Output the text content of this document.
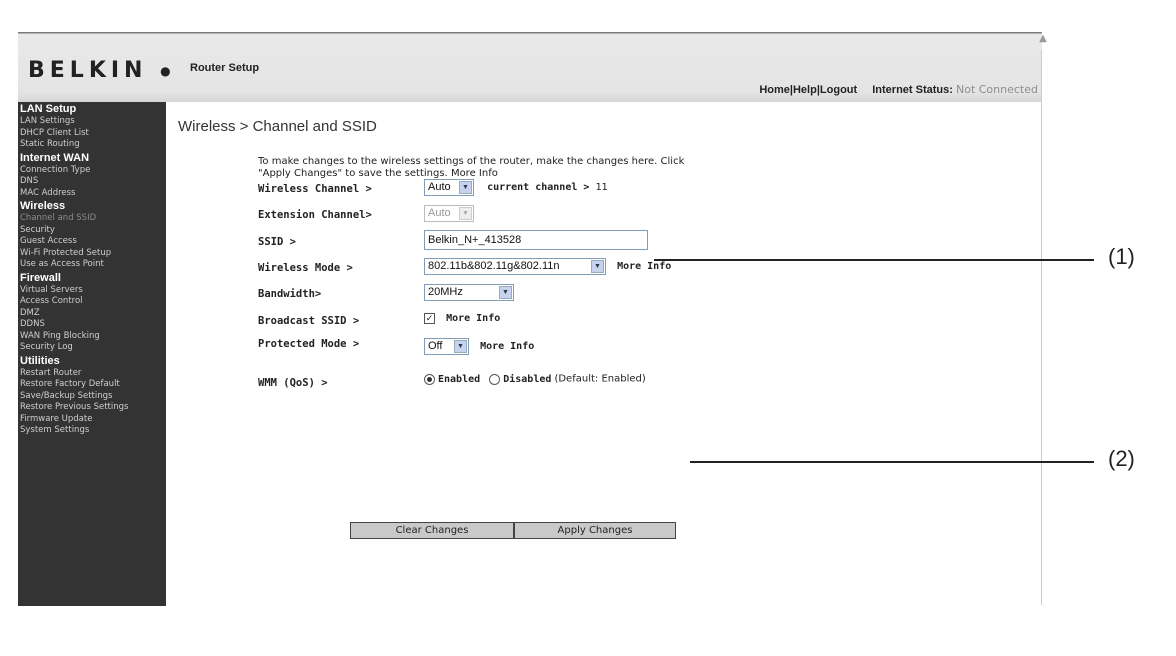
BELKIN ● Router Setup
Home|Help|Logout Internet Status: Not Connected
LAN Setup
LAN Settings
DHCP Client List
Static Routing
Internet WAN
Connection Type
DNS
MAC Address
Wireless
Channel and SSID
Security
Guest Access
Wi-Fi Protected Setup
Use as Access Point
Firewall
Virtual Servers
Access Control
DMZ
DDNS
WAN Ping Blocking
Security Log
Utilities
Restart Router
Restore Factory Default
Save/Backup Settings
Restore Previous Settings
Firmware Update
System Settings
Wireless > Channel and SSID
To make changes to the wireless settings of the router, make the changes here. Click
"Apply Changes" to save the settings. More Info
Wireless Channel >	Auto	▼	current channel > 11
Extension Channel>	Auto	▼
SSID >	Belkin_N+_413528
Wireless Mode >	802.11b&802.11g&802.11n	▼	More Info
Bandwidth>	20MHz	▼
Broadcast SSID >	✓ More Info
Protected Mode >	Off	▼	More Info
WMM (QoS) >	Enabled Disabled (Default: Enabled)
Clear Changes	Apply Changes
▲
(1)
(2)
